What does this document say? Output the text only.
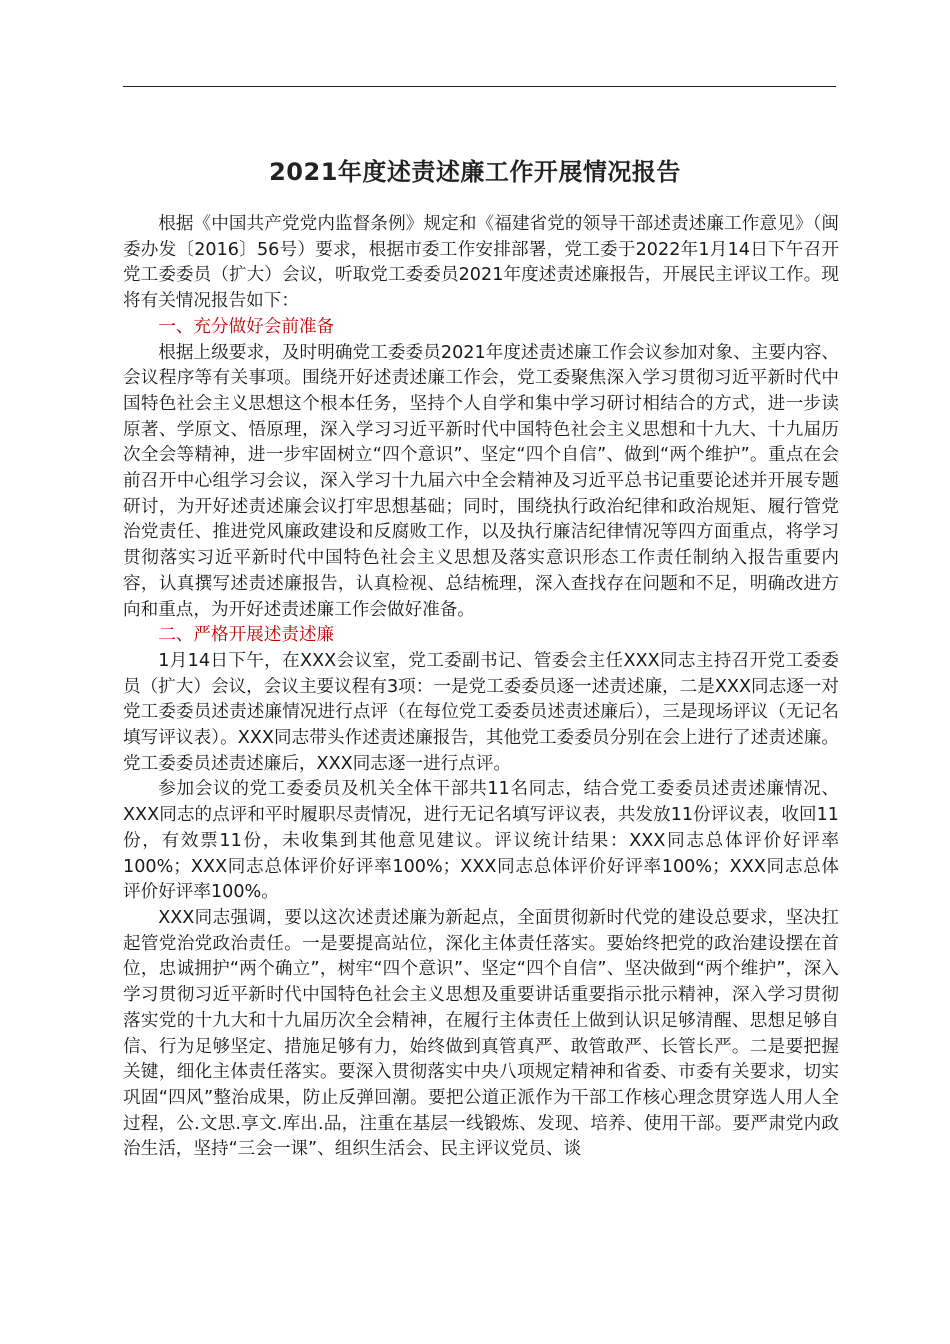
2021年度述责述廉工作开展情况报告

根据《中国共产党党内监督条例》规定和《福建省党的领导干部述责述廉工作意见》（闽委办发〔2016〕56号）要求，根据市委工作安排部署，党工委于2022年1月14日下午召开党工委委员（扩大）会议，听取党工委委员2021年度述责述廉报告，开展民主评议工作。现将有关情况报告如下：

一、充分做好会前准备

根据上级要求，及时明确党工委委员2021年度述责述廉工作会议参加对象、主要内容、会议程序等有关事项。围绕开好述责述廉工作会，党工委聚焦深入学习贯彻习近平新时代中国特色社会主义思想这个根本任务，坚持个人自学和集中学习研讨相结合的方式，进一步读原著、学原文、悟原理，深入学习习近平新时代中国特色社会主义思想和十九大、十九届历次全会等精神，进一步牢固树立“四个意识”、坚定“四个自信”、做到“两个维护”。重点在会前召开中心组学习会议，深入学习十九届六中全会精神及习近平总书记重要论述并开展专题研讨，为开好述责述廉会议打牢思想基础；同时，围绕执行政治纪律和政治规矩、履行管党治党责任、推进党风廉政建设和反腐败工作，以及执行廉洁纪律情况等四方面重点，将学习贯彻落实习近平新时代中国特色社会主义思想及落实意识形态工作责任制纳入报告重要内容，认真撰写述责述廉报告，认真检视、总结梳理，深入查找存在问题和不足，明确改进方向和重点，为开好述责述廉工作会做好准备。

二、严格开展述责述廉

1月14日下午，在XXX会议室，党工委副书记、管委会主任XXX同志主持召开党工委委员（扩大）会议，会议主要议程有3项：一是党工委委员逐一述责述廉，二是XXX同志逐一对党工委委员述责述廉情况进行点评（在每位党工委委员述责述廉后），三是现场评议（无记名填写评议表）。XXX同志带头作述责述廉报告，其他党工委委员分别在会上进行了述责述廉。党工委委员述责述廉后，XXX同志逐一进行点评。

参加会议的党工委委员及机关全体干部共11名同志，结合党工委委员述责述廉情况、XXX同志的点评和平时履职尽责情况，进行无记名填写评议表，共发放11份评议表，收回11份，有效票11份，未收集到其他意见建议。评议统计结果：XXX同志总体评价好评率100%；XXX同志总体评价好评率100%；XXX同志总体评价好评率100%；XXX同志总体评价好评率100%。

XXX同志强调，要以这次述责述廉为新起点，全面贯彻新时代党的建设总要求，坚决扛起管党治党政治责任。一是要提高站位，深化主体责任落实。要始终把党的政治建设摆在首位，忠诚拥护“两个确立”，树牢“四个意识”、坚定“四个自信”、坚决做到“两个维护”，深入学习贯彻习近平新时代中国特色社会主义思想及重要讲话重要指示批示精神，深入学习贯彻落实党的十九大和十九届历次全会精神，在履行主体责任上做到认识足够清醒、思想足够自信、行为足够坚定、措施足够有力，始终做到真管真严、敢管敢严、长管长严。二是要把握关键，细化主体责任落实。要深入贯彻落实中央八项规定精神和省委、市委有关要求，切实巩固“四风”整治成果，防止反弹回潮。要把公道正派作为干部工作核心理念贯穿选人用人全过程，公.文思.享文.库出.品，注重在基层一线锻炼、发现、培养、使用干部。要严肃党内政治生活，坚持“三会一课”、组织生活会、民主评议党员、谈
